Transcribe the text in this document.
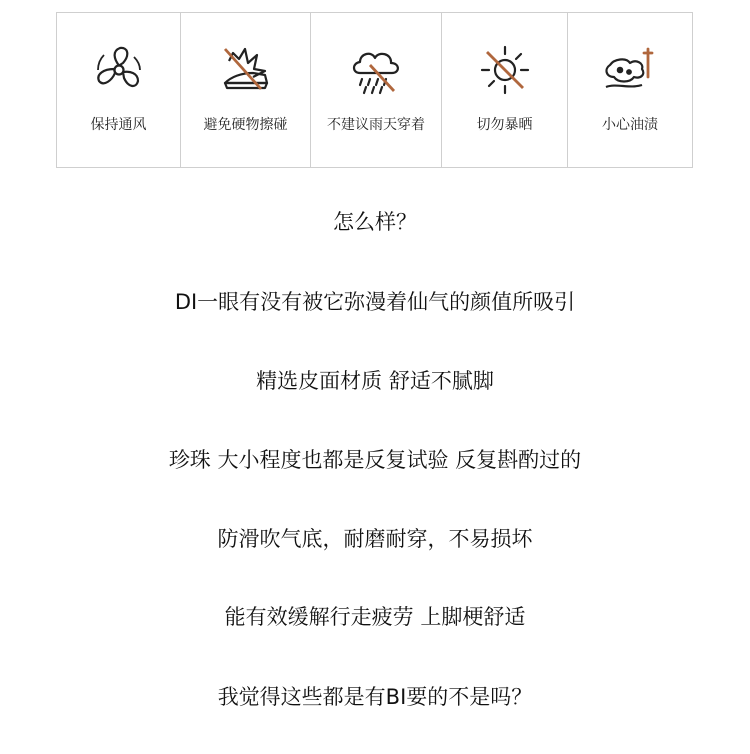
保持通风	避免硬物擦碰	不建议雨天穿着	切勿暴晒	小心油渍
怎么样？
DI一眼有没有被它弥漫着仙气的颜值所吸引
精选皮面材质 舒适不腻脚
珍珠 大小程度也都是反复试验 反复斟酌过的
防滑吹气底，耐磨耐穿，不易损坏
能有效缓解行走疲劳 上脚梗舒适
我觉得这些都是有BI要的不是吗？
